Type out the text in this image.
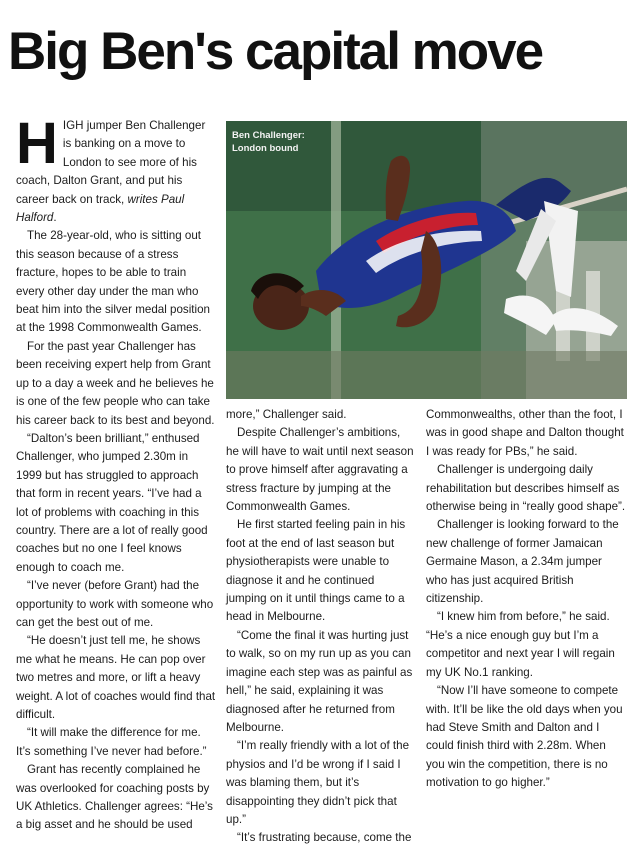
Big Ben's capital move

HIGH jumper Ben Challenger is banking on a move to London to see more of his coach, Dalton Grant, and put his career back on track, writes Paul Halford.

The 28-year-old, who is sitting out this season because of a stress fracture, hopes to be able to train every other day under the man who beat him into the silver medal position at the 1998 Commonwealth Games.

For the past year Challenger has been receiving expert help from Grant up to a day a week and he believes he is one of the few people who can take his career back to its best and beyond.

“Dalton’s been brilliant,” enthused Challenger, who jumped 2.30m in 1999 but has struggled to approach that form in recent years. “I’ve had a lot of problems with coaching in this country. There are a lot of really good coaches but no one I feel knows enough to coach me.

“I’ve never (before Grant) had the opportunity to work with someone who can get the best out of me.

“He doesn’t just tell me, he shows me what he means. He can pop over two metres and more, or lift a heavy weight. A lot of coaches would find that difficult.

“It will make the difference for me. It’s something I’ve never had before.”

Grant has recently complained he was overlooked for coaching posts by UK Athletics. Challenger agrees: “He’s a big asset and he should be used

Ben Challenger:
London bound

more,” Challenger said.

Despite Challenger’s ambitions, he will have to wait until next season to prove himself after aggravating a stress fracture by jumping at the Commonwealth Games.

He first started feeling pain in his foot at the end of last season but physiotherapists were unable to diagnose it and he continued jumping on it until things came to a head in Melbourne.

“Come the final it was hurting just to walk, so on my run up as you can imagine each step was as painful as hell,” he said, explaining it was diagnosed after he returned from Melbourne.

“I’m really friendly with a lot of the physios and I’d be wrong if I said I was blaming them, but it’s disappointing they didn’t pick that up.”

“It’s frustrating because, come the

Commonwealths, other than the foot, I was in good shape and Dalton thought I was ready for PBs,” he said.

Challenger is undergoing daily rehabilitation but describes himself as otherwise being in “really good shape”.

Challenger is looking forward to the new challenge of former Jamaican Germaine Mason, a 2.34m jumper who has just acquired British citizenship.

“I knew him from before,” he said. “He’s a nice enough guy but I’m a competitor and next year I will regain my UK No.1 ranking.

“Now I’ll have someone to compete with. It’ll be like the old days when you had Steve Smith and Dalton and I could finish third with 2.28m. When you win the competition, there is no motivation to go higher.”
